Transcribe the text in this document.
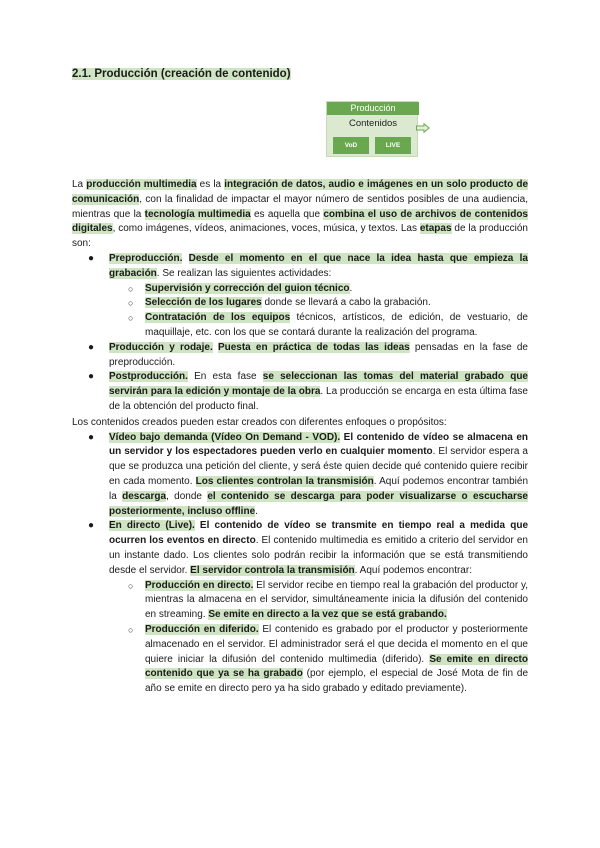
2.1. Producción (creación de contenido)
Producción
Contenidos
VoD	LIVE

La producción multimedia es la integración de datos, audio e imágenes en un solo producto de comunicación, con la finalidad de impactar el mayor número de sentidos posibles de una audiencia, mientras que la tecnología multimedia es aquella que combina el uso de archivos de contenidos digitales, como imágenes, vídeos, animaciones, voces, música, y textos. Las etapas de la producción son:

● Preproducción. Desde el momento en el que nace la idea hasta que empieza la grabación. Se realizan las siguientes actividades:
○ Supervisión y corrección del guion técnico.
○ Selección de los lugares donde se llevará a cabo la grabación.
○ Contratación de los equipos técnicos, artísticos, de edición, de vestuario, de maquillaje, etc. con los que se contará durante la realización del programa.
● Producción y rodaje. Puesta en práctica de todas las ideas pensadas en la fase de preproducción.
● Postproducción. En esta fase se seleccionan las tomas del material grabado que servirán para la edición y montaje de la obra. La producción se encarga en esta última fase de la obtención del producto final.

Los contenidos creados pueden estar creados con diferentes enfoques o propósitos:

● Vídeo bajo demanda (Vídeo On Demand - VOD). El contenido de vídeo se almacena en un servidor y los espectadores pueden verlo en cualquier momento. El servidor espera a que se produzca una petición del cliente, y será éste quien decide qué contenido quiere recibir en cada momento. Los clientes controlan la transmisión. Aquí podemos encontrar también la descarga, donde el contenido se descarga para poder visualizarse o escucharse posteriormente, incluso offline.
● En directo (Live). El contenido de vídeo se transmite en tiempo real a medida que ocurren los eventos en directo. El contenido multimedia es emitido a criterio del servidor en un instante dado. Los clientes solo podrán recibir la información que se está transmitiendo desde el servidor. El servidor controla la transmisión. Aquí podemos encontrar:
○ Producción en directo. El servidor recibe en tiempo real la grabación del productor y, mientras la almacena en el servidor, simultáneamente inicia la difusión del contenido en streaming. Se emite en directo a la vez que se está grabando.
○ Producción en diferido. El contenido es grabado por el productor y posteriormente almacenado en el servidor. El administrador será el que decida el momento en el que quiere iniciar la difusión del contenido multimedia (diferido). Se emite en directo contenido que ya se ha grabado (por ejemplo, el especial de José Mota de fin de año se emite en directo pero ya ha sido grabado y editado previamente).
